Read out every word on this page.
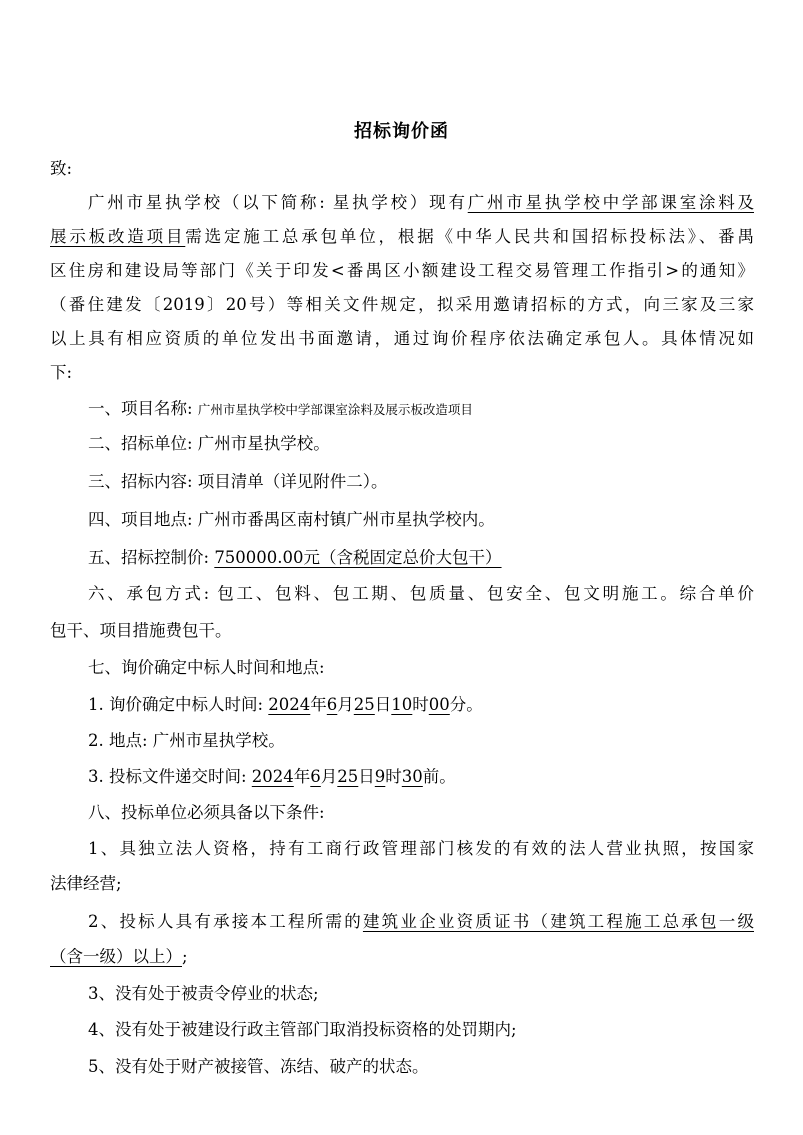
招标询价函
致:
广州市星执学校（以下简称: 星执学校）现有广州市星执学校中学部课室涂料及
展示板改造项目需选定施工总承包单位，根据《中华人民共和国招标投标法》、番禺
区住房和建设局等部门《关于印发<番禺区小额建设工程交易管理工作指引>的通知》
（番住建发〔2019〕20号）等相关文件规定，拟采用邀请招标的方式，向三家及三家
以上具有相应资质的单位发出书面邀请，通过询价程序依法确定承包人。具体情况如
下:
一、项目名称: 广州市星执学校中学部课室涂料及展示板改造项目
二、招标单位: 广州市星执学校。
三、招标内容: 项目清单（详见附件二）。
四、项目地点: 广州市番禺区南村镇广州市星执学校内。
五、招标控制价: 750000.00元（含税固定总价大包干）
六、承包方式: 包工、包料、包工期、包质量、包安全、包文明施工。综合单价
包干、项目措施费包干。
七、询价确定中标人时间和地点:
1. 询价确定中标人时间: 2024年6月25日10时00分。
2. 地点: 广州市星执学校。
3. 投标文件递交时间: 2024年6月25日9时30前。
八、投标单位必须具备以下条件:
1、具独立法人资格，持有工商行政管理部门核发的有效的法人营业执照，按国家
法律经营;
2、投标人具有承接本工程所需的建筑业企业资质证书（建筑工程施工总承包一级
（含一级）以上）;
3、没有处于被责令停业的状态;
4、没有处于被建设行政主管部门取消投标资格的处罚期内;
5、没有处于财产被接管、冻结、破产的状态。
